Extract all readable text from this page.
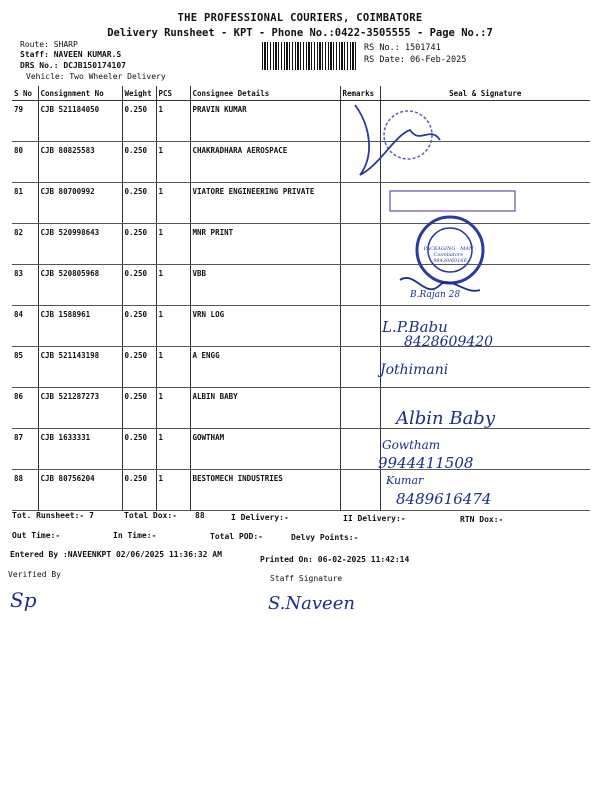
THE PROFESSIONAL COURIERS, COIMBATORE
Delivery Runsheet - KPT - Phone No.:0422-3505555 - Page No.:7
Route: SHARP
Staff: NAVEEN KUMAR.S
DRS No.: DCJB150174107
Vehicle: Two Wheeler Delivery
RS No.: 1501741
RS Date: 06-Feb-2025
S No	Consignment No	Weight	PCS	Consignee Details	Remarks	Seal & Signature
79	CJB 521184050	0.250	1	PRAVIN KUMAR		
80	CJB 80825583	0.250	1	CHAKRADHARA AEROSPACE		
81	CJB 80700992	0.250	1	VIATORE ENGINEERING PRIVATE		
82	CJB 520998643	0.250	1	MNR PRINT		
83	CJB 520805968	0.250	1	VBB		
84	CJB 1588961	0.250	1	VRN LOG		
85	CJB 521143198	0.250	1	A ENGG		
86	CJB 521287273	0.250	1	ALBIN BABY		
87	CJB 1633331	0.250	1	GOWTHAM		
88	CJB 80756204	0.250	1	BESTOMECH INDUSTRIES		
PACKAGING · MAN · Coimbatore · 98430/60166
B.Rajan 28
L.P.Babu
8428609420
Jothimani
Albin Baby
Gowtham
9944411508
Kumar
8489616474
Tot. Runsheet:- 7	Total Dox:- 88	I Delivery:-	II Delivery:-	RTN Dox:-
Out Time:-	In Time:-	Total POD:-	Delvy Points:-
Entered By :NAVEENKPT 02/06/2025 11:36:32 AM
Printed On: 06-02-2025 11:42:14
Verified By	Staff Signature
Sp	S.Naveen
